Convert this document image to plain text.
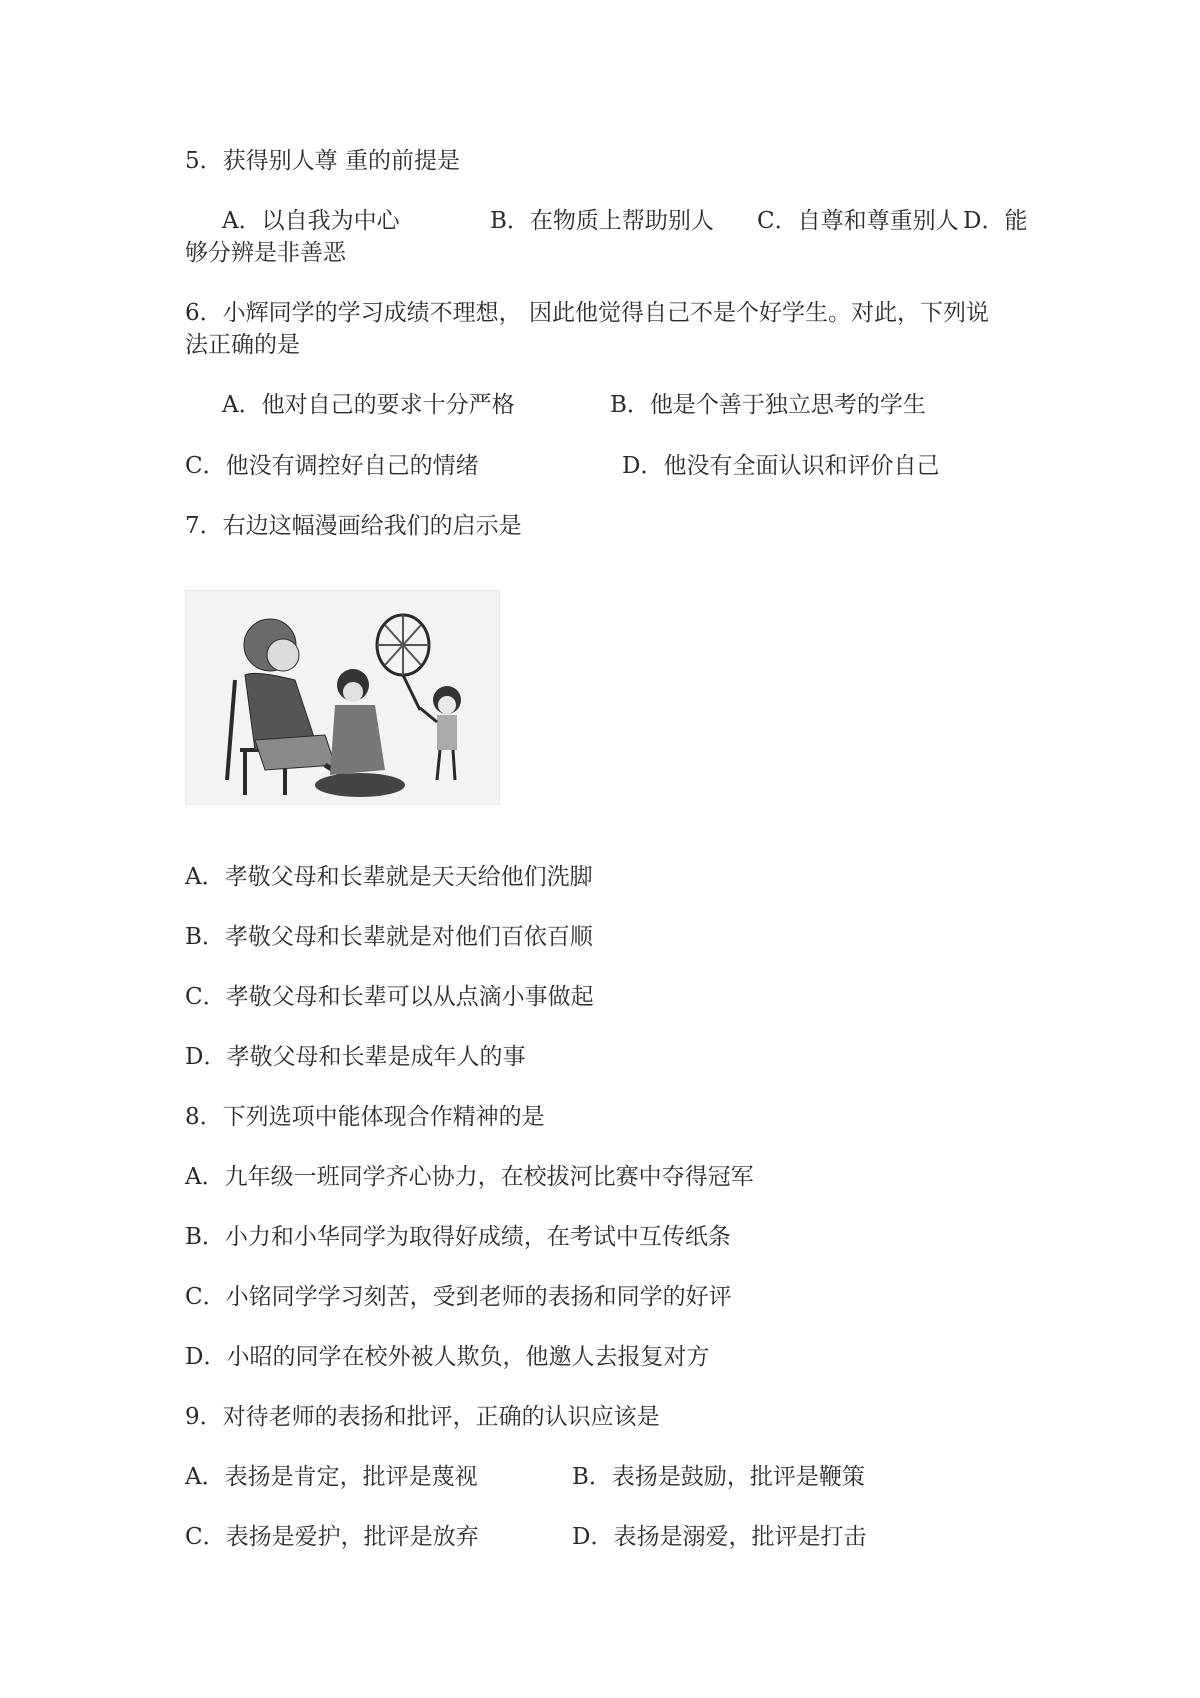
5．获得别人尊 重的前提是
A．以自我为中心	B．在物质上帮助别人 C．自尊和尊重别人 D．能
够分辨是非善恶
6．小辉同学的学习成绩不理想， 因此他觉得自己不是个好学生。对此，下列说
法正确的是
A．他对自己的要求十分严格	B．他是个善于独立思考的学生
C．他没有调控好自己的情绪	D．他没有全面认识和评价自己
7．右边这幅漫画给我们的启示是
A．孝敬父母和长辈就是天天给他们洗脚
B．孝敬父母和长辈就是对他们百依百顺
C．孝敬父母和长辈可以从点滴小事做起
D．孝敬父母和长辈是成年人的事
8．下列选项中能体现合作精神的是
A．九年级一班同学齐心协力，在校拔河比赛中夺得冠军
B．小力和小华同学为取得好成绩，在考试中互传纸条
C．小铭同学学习刻苦，受到老师的表扬和同学的好评
D．小昭的同学在校外被人欺负，他邀人去报复对方
9．对待老师的表扬和批评，正确的认识应该是
A．表扬是肯定，批评是蔑视	B．表扬是鼓励，批评是鞭策
C．表扬是爱护，批评是放弃	D．表扬是溺爱，批评是打击
